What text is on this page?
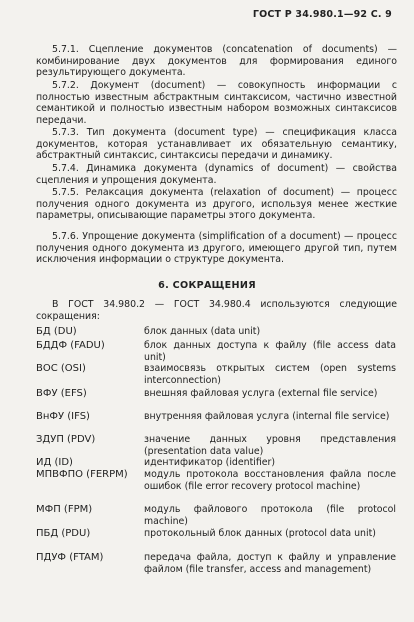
ГОСТ Р 34.980.1—92 С. 9
5.7.1. Сцепление документов (concatenation of documents) — комбинирование двух документов для формирования единого результирующего документа.
5.7.2. Документ (document) — совокупность информации с полностью известным абстрактным синтаксисом, частично известной семантикой и полностью известным набором возможных синтаксисов передачи.
5.7.3. Тип документа (document type) — спецификация класса документов, которая устанавливает их обязательную семантику, абстрактный синтаксис, синтаксисы передачи и динамику.
5.7.4. Динамика документа (dynamics of document) — свойства сцепления и упрощения документа.
5.7.5. Релаксация документа (relaxation of document) — процесс получения одного документа из другого, используя менее жесткие параметры, описывающие параметры этого документа.
5.7.6. Упрощение документа (simplification of a document) — процесс получения одного документа из другого, имеющего другой тип, путем исключения информации о структуре документа.
6. СОКРАЩЕНИЯ
В ГОСТ 34.980.2 — ГОСТ 34.980.4 используются следующие сокращения:
БД (DU)	блок данных (data unit)
БДДФ (FADU)	блок данных доступа к файлу (file access data unit)
ВОС (OSI)	взаимосвязь открытых систем (open systems interconnection)
ВФУ (EFS)	внешняя файловая услуга (external file service)
ВнФУ (IFS)	внутренняя файловая услуга (internal file service)
ЗДУП (PDV)	значение данных уровня представления (presentation data value)
ИД (ID)	идентификатор (identifier)
МПВФПО (FERPM) модуль протокола восстановления файла после ошибок (file error recovery protocol machine)
МФП (FPM)	модуль файлового протокола (file protocol machine)
ПБД (PDU)	протокольный блок данных (protocol data unit)
ПДУФ (FTAM)	передача файла, доступ к файлу и управление файлом (file transfer, access and management)
